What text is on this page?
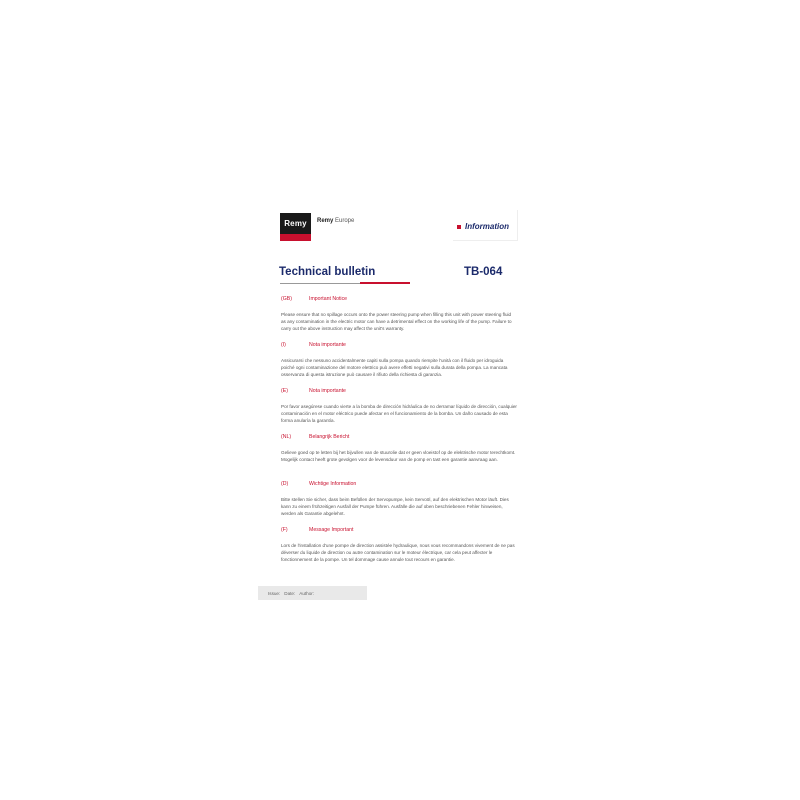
Remy	Remy Europe
Information
Technical bulletin	TB-064
(GB)	Important Notice
Please ensure that no spillage occurs onto the power steering pump when filling this unit with power steering fluid as any contamination in the electric motor can have a detrimental effect on the working life of the pump. Failure to carry out the above instruction may affect the unit's warranty.
(I)	Nota importante
Assicurarsi che nessuno accidentalmente capiti sulla pompa quando riempite l'unità con il fluido per idroguida poiché ogni contaminazione del motore elettrico può avere effetti negativi sulla durata della pompa. La mancata osservanza di questa istruzione può causare il rifiuto della richiesta di garanzia.
(E)	Nota importante
Por favor asegúrese cuando vierte a la bomba de dirección hidráulica de no derramar líquido de dirección, cualquier contaminación en el motor eléctrico puede afectar en el funcionamiento de la bomba. Un daño causado de esta forma anularía la garantía.
(NL)	Belangrijk Bericht
Gelieve goed op te letten bij het bijvullen van de stuurolie dat er geen vloeistof op de elektrische motor terechtkomt. Mogelijk contact heeft grote gevolgen voor de levensduur van de pomp en tast een garantie aanvraag aan.
(D)	Wichtige Information
Bitte stellen Sie sicher, dass beim Befüllen der Servopumpe, kein Servoöl, auf den elektrischen Motor läuft. Dies kann zu einem frühzeitigen Ausfall der Pumpe führen. Ausfälle die auf oben beschriebenen Fehler hinweisen, werden als Garantie abgelehnt.
(F)	Message Important
Lors de l'installation d'une pompe de direction assistée hydraulique, nous vous recommandons vivement de ne pas déverser du liquide de direction ou autre contamination sur le moteur électrique, car cela peut affecter le fonctionnement de la pompe. Un tel dommage cause annule tout recours en garantie.
Issue: Date: Author:
